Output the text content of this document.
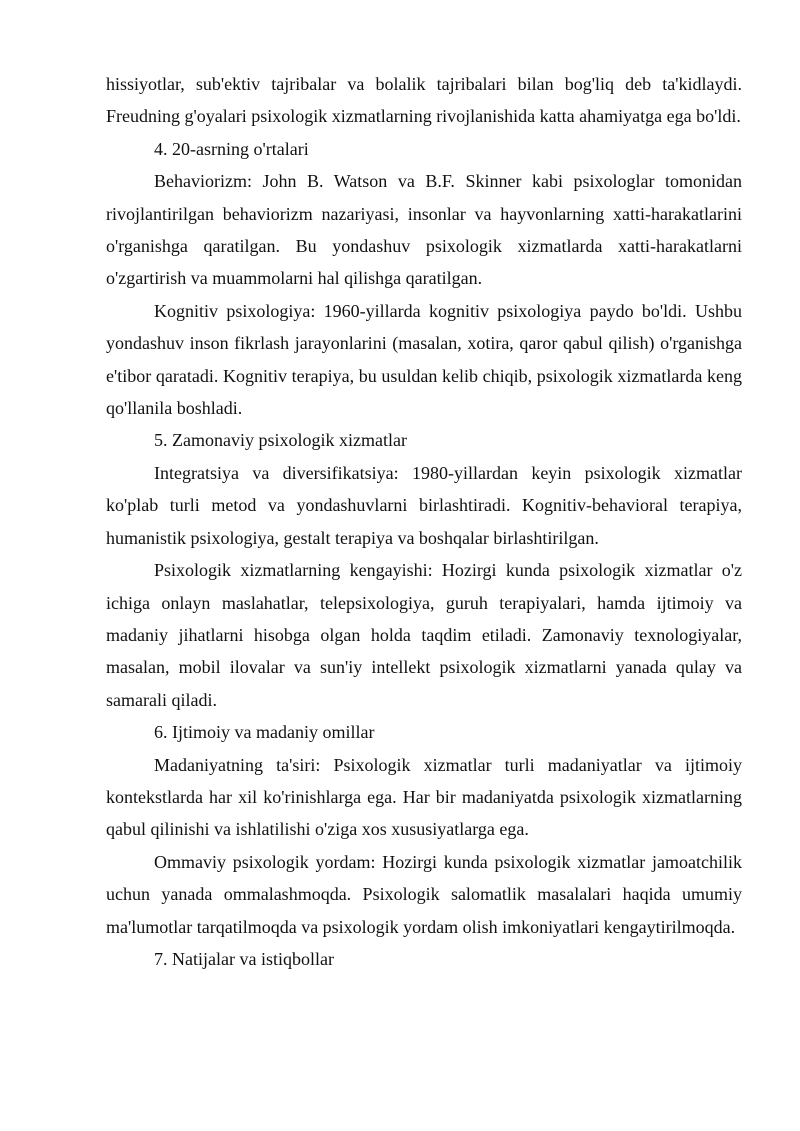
hissiyotlar, sub'ektiv tajribalar va bolalik tajribalari bilan bog'liq deb ta'kidlaydi. Freudning g'oyalari psixologik xizmatlarning rivojlanishida katta ahamiyatga ega bo'ldi.

4. 20-asrning o'rtalari

Behaviorizm: John B. Watson va B.F. Skinner kabi psixologlar tomonidan rivojlantirilgan behaviorizm nazariyasi, insonlar va hayvonlarning xatti-harakatlarini o'rganishga qaratilgan. Bu yondashuv psixologik xizmatlarda xatti-harakatlarni o'zgartirish va muammolarni hal qilishga qaratilgan.

Kognitiv psixologiya: 1960-yillarda kognitiv psixologiya paydo bo'ldi. Ushbu yondashuv inson fikrlash jarayonlarini (masalan, xotira, qaror qabul qilish) o'rganishga e'tibor qaratadi. Kognitiv terapiya, bu usuldan kelib chiqib, psixologik xizmatlarda keng qo'llanila boshladi.

5. Zamonaviy psixologik xizmatlar

Integratsiya va diversifikatsiya: 1980-yillardan keyin psixologik xizmatlar ko'plab turli metod va yondashuvlarni birlashtiradi. Kognitiv-behavioral terapiya, humanistik psixologiya, gestalt terapiya va boshqalar birlashtirilgan.

Psixologik xizmatlarning kengayishi: Hozirgi kunda psixologik xizmatlar o'z ichiga onlayn maslahatlar, telepsixologiya, guruh terapiyalari, hamda ijtimoiy va madaniy jihatlarni hisobga olgan holda taqdim etiladi. Zamonaviy texnologiyalar, masalan, mobil ilovalar va sun'iy intellekt psixologik xizmatlarni yanada qulay va samarali qiladi.

6. Ijtimoiy va madaniy omillar

Madaniyatning ta'siri: Psixologik xizmatlar turli madaniyatlar va ijtimoiy kontekstlarda har xil ko'rinishlarga ega. Har bir madaniyatda psixologik xizmatlarning qabul qilinishi va ishlatilishi o'ziga xos xususiyatlarga ega.

Ommaviy psixologik yordam: Hozirgi kunda psixologik xizmatlar jamoatchilik uchun yanada ommalashmoqda. Psixologik salomatlik masalalari haqida umumiy ma'lumotlar tarqatilmoqda va psixologik yordam olish imkoniyatlari kengaytirilmoqda.

7. Natijalar va istiqbollar
